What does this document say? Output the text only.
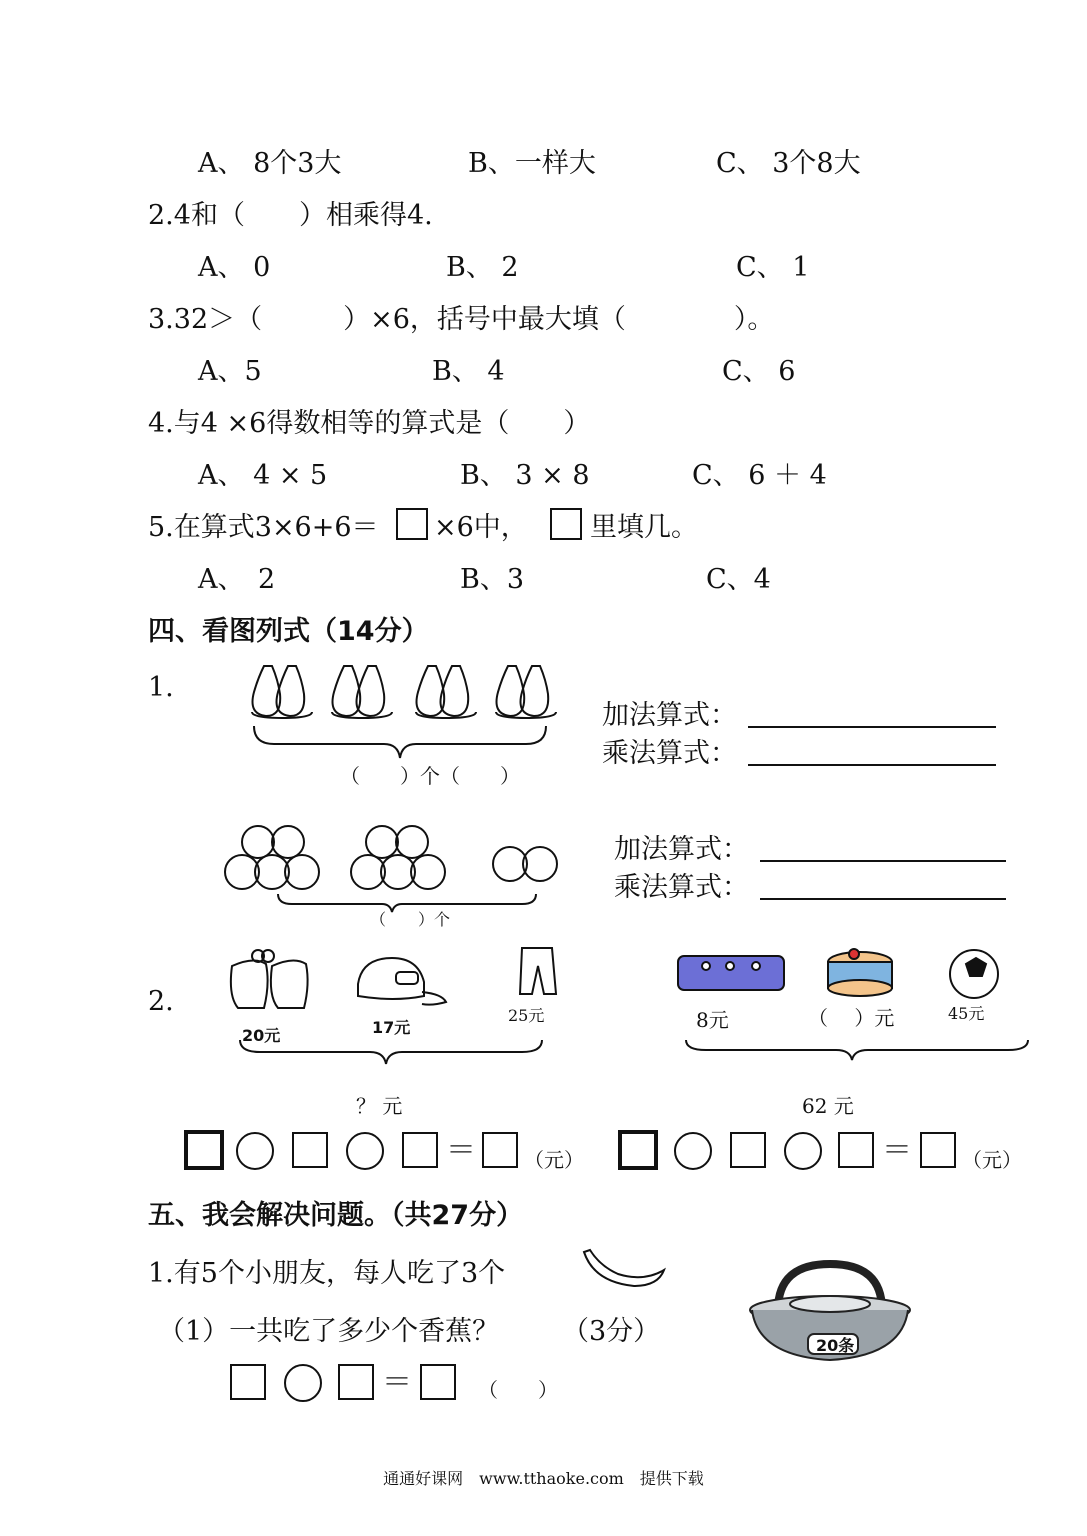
A、 8个3大	B、一样大	C、 3个8大
2.4和（　　）相乘得4.
A、 0	B、 2	C、 1
3.32＞（　　　）×6，括号中最大填（　　　　）。
A、5	B、 4	C、 6
4.与4 ×6得数相等的算式是（　　）
A、 4 × 5	B、 3 × 8	C、 6 ＋ 4
5.在算式3×6+6＝ ×6中， 里填几。
A、　2	B、3	C、4
四、看图列式（14分）
1.
（　　）个（　　）
加法算式：
乘法算式：
（　　）个
加法算式：
乘法算式：
2.
20元	17元
25元
？ 元
8元	（　 ）元	45元
62 元
＝ （元）	＝	（元）
五、我会解决问题。（共27分）
1.有5个小朋友，每人吃了3个
（1）一共吃了多少个香蕉？ （3分）	20条
＝	（　　）
通通好课网　www.tthaoke.com　提供下载
